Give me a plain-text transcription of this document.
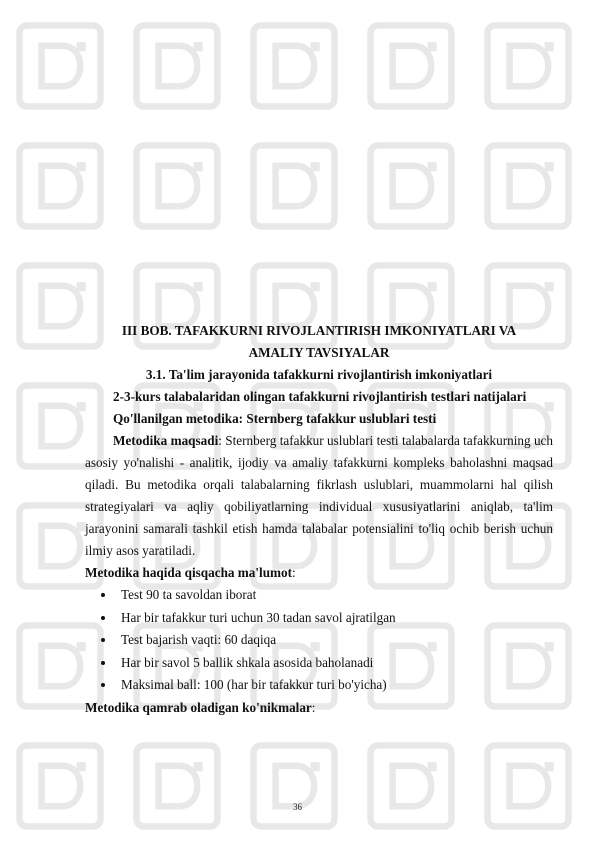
III BOB. TAFAKKURNI RIVOJLANTIRISH IMKONIYATLARI VA

AMALIY TAVSIYALAR

3.1. Ta'lim jarayonida tafakkurni rivojlantirish imkoniyatlari

2-3-kurs talabalaridan olingan tafakkurni rivojlantirish testlari natijalari

Qo'llanilgan metodika: Sternberg tafakkur uslublari testi

Metodika maqsadi: Sternberg tafakkur uslublari testi talabalarda tafakkurning uch asosiy yo'nalishi - analitik, ijodiy va amaliy tafakkurni kompleks baholashni maqsad qiladi. Bu metodika orqali talabalarning fikrlash uslublari, muammolarni hal qilish strategiyalari va aqliy qobiliyatlarning individual xususiyatlarini aniqlab, ta'lim jarayonini samarali tashkil etish hamda talabalar potensialini to'liq ochib berish uchun ilmiy asos yaratiladi.

Metodika haqida qisqacha ma'lumot:

Test 90 ta savoldan iborat
Har bir tafakkur turi uchun 30 tadan savol ajratilgan
Test bajarish vaqti: 60 daqiqa
Har bir savol 5 ballik shkala asosida baholanadi
Maksimal ball: 100 (har bir tafakkur turi bo'yicha)

Metodika qamrab oladigan ko'nikmalar:

36
